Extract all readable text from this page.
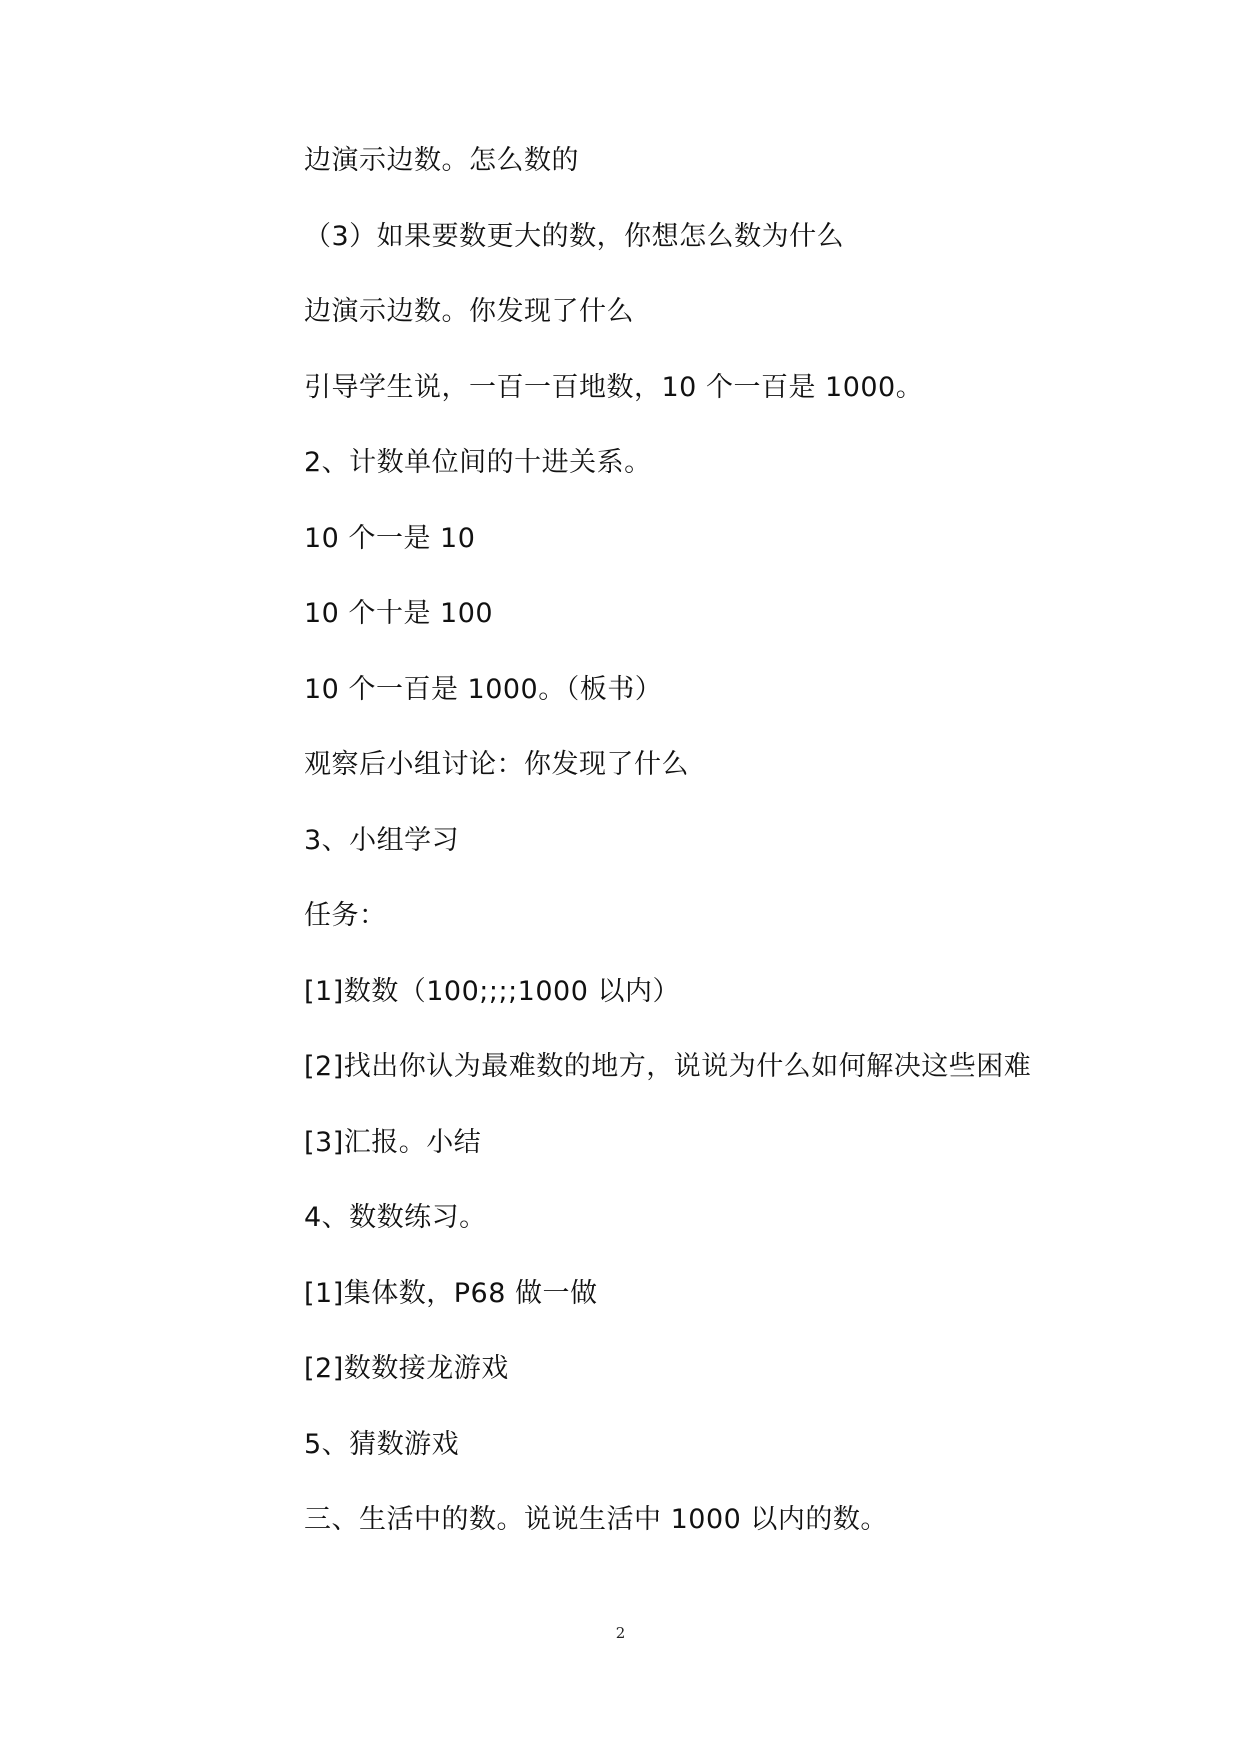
边演示边数。怎么数的
（3）如果要数更大的数，你想怎么数为什么
边演示边数。你发现了什么
引导学生说，一百一百地数，10 个一百是 1000。
2、计数单位间的十进关系。
10 个一是 10
10 个十是 100
10 个一百是 1000。（板书）
观察后小组讨论：你发现了什么
3、小组学习
任务：
[1]数数（100;;;;1000 以内）
[2]找出你认为最难数的地方，说说为什么如何解决这些困难
[3]汇报。小结
4、数数练习。
[1]集体数，P68 做一做
[2]数数接龙游戏
5、猜数游戏
三、生活中的数。说说生活中 1000 以内的数。
2
